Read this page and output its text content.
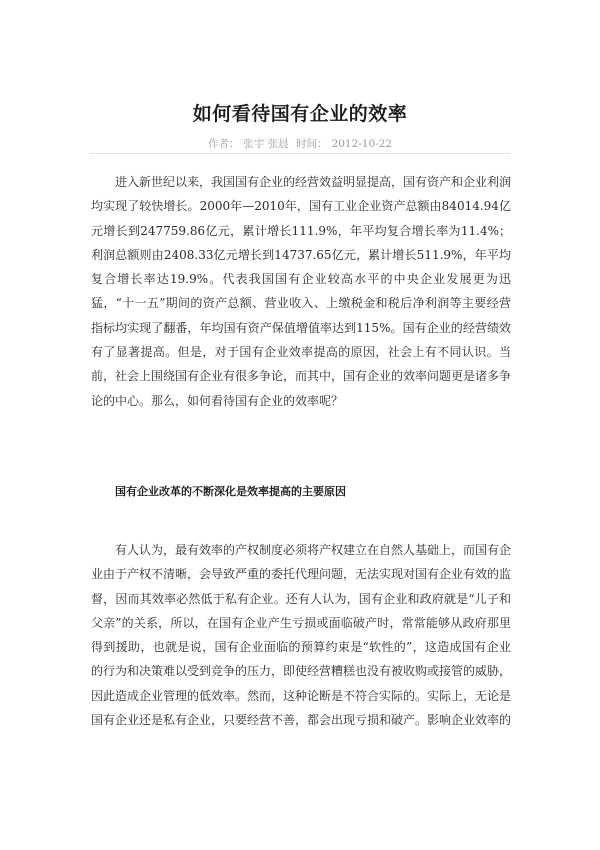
如何看待国有企业的效率
作者： 张宇 张晨 时间： 2012-10-22

进入新世纪以来，我国国有企业的经营效益明显提高，国有资产和企业利润均实现了较快增长。2000年—2010年，国有工业企业资产总额由84014.94亿元增长到247759.86亿元，累计增长111.9%，年平均复合增长率为11.4%；利润总额则由2408.33亿元增长到14737.65亿元，累计增长511.9%，年平均复合增长率达19.9%。代表我国国有企业较高水平的中央企业发展更为迅猛，“十一五”期间的资产总额、营业收入、上缴税金和税后净利润等主要经营指标均实现了翻番，年均国有资产保值增值率达到115%。国有企业的经营绩效有了显著提高。但是，对于国有企业效率提高的原因，社会上有不同认识。当前，社会上围绕国有企业有很多争论，而其中，国有企业的效率问题更是诸多争论的中心。那么，如何看待国有企业的效率呢？

国有企业改革的不断深化是效率提高的主要原因

有人认为，最有效率的产权制度必须将产权建立在自然人基础上，而国有企业由于产权不清晰，会导致严重的委托代理问题，无法实现对国有企业有效的监督，因而其效率必然低于私有企业。还有人认为，国有企业和政府就是“儿子和父亲”的关系，所以，在国有企业产生亏损或面临破产时，常常能够从政府那里得到援助，也就是说，国有企业面临的预算约束是“软性的”，这造成国有企业的行为和决策难以受到竞争的压力，即使经营糟糕也没有被收购或接管的威胁，因此造成企业管理的低效率。然而，这种论断是不符合实际的。实际上，无论是国有企业还是私有企业，只要经营不善，都会出现亏损和破产。影响企业效率的
